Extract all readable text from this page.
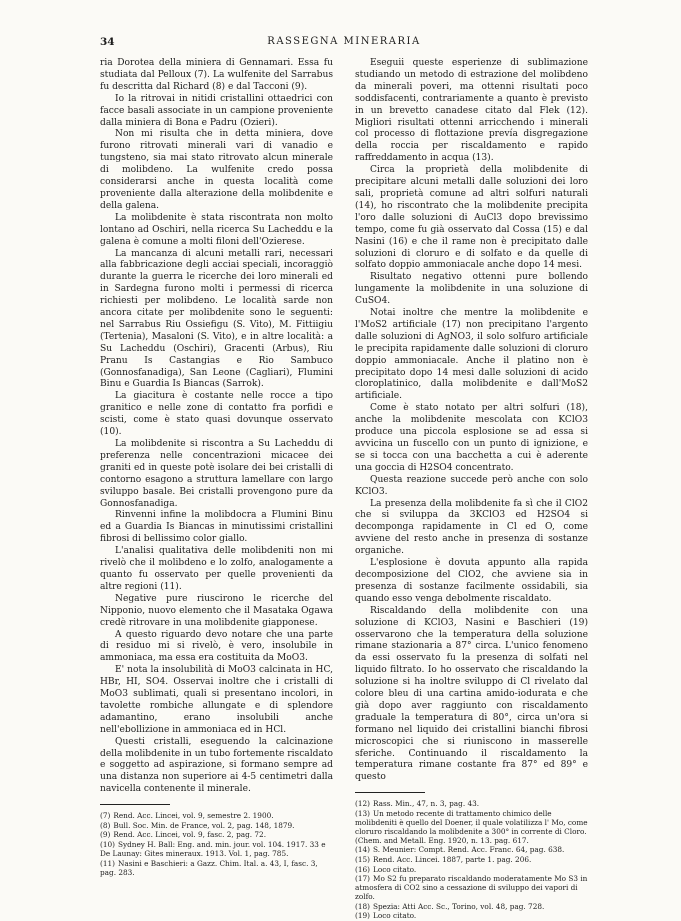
34	RASSEGNA MINERARIA

ria Dorotea della miniera di Gennamari. Essa fu studiata dal Pelloux (7). La wulfenite del Sarrabus fu descritta dal Richard (8) e dal Tacconi (9).

Io la ritrovai in nitidi cristallini ottaedrici con facce basali associate in un campione proveniente dalla miniera di Bona e Padru (Ozieri).

Non mi risulta che in detta miniera, dove furono ritrovati minerali vari di vanadio e tungsteno, sia mai stato ritrovato alcun minerale di molibdeno. La wulfenite credo possa considerarsi anche in questa località come proveniente dalla alterazione della molibdenite e della galena.

La molibdenite è stata riscontrata non molto lontano ad Oschiri, nella ricerca Su Lacheddu e la galena è comune a molti filoni dell'Ozierese.

La mancanza di alcuni metalli rari, necessari alla fabbricazione degli acciai speciali, incoraggiò durante la guerra le ricerche dei loro minerali ed in Sardegna furono molti i permessi di ricerca richiesti per molibdeno. Le località sarde non ancora citate per molibdenite sono le seguenti: nel Sarrabus Riu Ossiefigu (S. Vito), M. Fittiigiu (Tertenia), Masaloni (S. Vito), e in altre località: a Su Lacheddu (Oschiri), Gracenti (Arbus), Riu Pranu Is Castangias e Rio Sambuco (Gonnosfanadiga), San Leone (Cagliari), Flumini Binu e Guardia Is Biancas (Sarrok).

La giacitura è costante nelle rocce a tipo granitico e nelle zone di contatto fra porfidi e scisti, come è stato quasi dovunque osservato (10).

La molibdenite si riscontra a Su Lacheddu di preferenza nelle concentrazioni micacee dei graniti ed in queste potè isolare dei bei cristalli di contorno esagono a struttura lamellare con largo sviluppo basale. Bei cristalli provengono pure da Gonnosfanadiga.

Rinvenni infine la molibdocra a Flumini Binu ed a Guardia Is Biancas in minutissimi cristallini fibrosi di bellissimo color giallo.

L'analisi qualitativa delle molibdeniti non mi rivelò che il molibdeno e lo zolfo, analogamente a quanto fu osservato per quelle provenienti da altre regioni (11).

Negative pure riuscirono le ricerche del Nipponio, nuovo elemento che il Masataka Ogawa credè ritrovare in una molibdenite giapponese.

A questo riguardo devo notare che una parte di residuo mi si rivelò, è vero, insolubile in ammoniaca, ma essa era costituita da MoO3.

E' nota la insolubilità di MoO3 calcinata in HC, HBr, HI, SO4. Osservai inoltre che i cristalli di MoO3 sublimati, quali si presentano incolori, in tavolette rombiche allungate e di splendore adamantino, erano insolubili anche nell'ebollizione in ammoniaca ed in HCl.

Questi cristalli, eseguendo la calcinazione della molibdenite in un tubo fortemente riscaldato e soggetto ad aspirazione, si formano sempre ad una distanza non superiore ai 4-5 centimetri dalla navicella contenente il minerale.

(7) Rend. Acc. Lincei, vol. 9, semestre 2. 1900.
(8) Bull. Soc. Min. de France, vol. 2, pag. 148, 1879.
(9) Rend. Acc. Lincei, vol. 9, fasc. 2, pag. 72.
(10) Sydney H. Ball: Eng. and. min. jour. vol. 104. 1917. 33 e De Launay: Gites mineraux. 1913. Vol. 1, pag. 785.
(11) Nasini e Baschieri: a Gazz. Chim. Ital. a. 43, I, fasc. 3, pag. 283.

Eseguii queste esperienze di sublimazione studiando un metodo di estrazione del molibdeno da minerali poveri, ma ottenni risultati poco soddisfacenti, contrariamente a quanto è previsto in un brevetto canadese citato dal Flek (12). Migliori risultati ottenni arricchendo i minerali col processo di flottazione prevía disgregazione della roccia per riscaldamento e rapido raffreddamento in acqua (13).

Circa la proprietà della molibdenite di precipitare alcuni metalli dalle soluzioni dei loro sali, proprietà comune ad altri solfuri naturali (14), ho riscontrato che la molibdenite precipita l'oro dalle soluzioni di AuCl3 dopo brevissimo tempo, come fu già osservato dal Cossa (15) e dal Nasini (16) e che il rame non è precipitato dalle soluzioni di cloruro e di solfato e da quelle di solfato doppio ammoniacale anche dopo 14 mesi.

Risultato negativo ottenni pure bollendo lungamente la molibdenite in una soluzione di CuSO4.

Notai inoltre che mentre la molibdenite e l'MoS2 artificiale (17) non precipitano l'argento dalle soluzioni di AgNO3, il solo solfuro artificiale le precipita rapidamente dalle soluzioni di cloruro doppio ammoniacale. Anche il platino non è precipitato dopo 14 mesi dalle soluzioni di acido cloroplatinico, dalla molibdenite e dall'MoS2 artificiale.

Come è stato notato per altri solfuri (18), anche la molibdenite mescolata con KClO3 produce una piccola esplosione se ad essa si avvicina un fuscello con un punto di ignizione, e se si tocca con una bacchetta a cui è aderente una goccia di H2SO4 concentrato.

Questa reazione succede però anche con solo KClO3.

La presenza della molibdenite fa sì che il ClO2 che si sviluppa da 3KClO3 ed H2SO4 si decomponga rapidamente in Cl ed O, come avviene del resto anche in presenza di sostanze organiche.

L'esplosione è dovuta appunto alla rapida decomposizione del ClO2, che avviene sia in presenza di sostanze facilmente ossidabili, sia quando esso venga debolmente riscaldato.

Riscaldando della molibdenite con una soluzione di KClO3, Nasini e Baschieri (19) osservarono che la temperatura della soluzione rimane stazionaria a 87° circa. L'unico fenomeno da essi osservato fu la presenza di solfati nel liquido filtrato. Io ho osservato che riscaldando la soluzione si ha inoltre sviluppo di Cl rivelato dal colore bleu di una cartina amido-iodurata e che già dopo aver raggiunto con riscaldamento graduale la temperatura di 80°, circa un'ora si formano nel liquido dei cristallini bianchi fibrosi microscopici che si riuniscono in masserelle sferiche. Continuando il riscaldamento la temperatura rimane costante fra 87° ed 89° e questo

(12) Rass. Min., 47, n. 3, pag. 43.
(13) Un metodo recente di trattamento chimico delle molibdeniti è quello del Doener, il quale volatilizza l' Mo, come cloruro riscaldando la molibdenite a 300° in corrente di Cloro. (Chem. and Metall. Eng. 1920, n. 13. pag. 617.
(14) S. Meunier: Compt. Rend. Acc. Franc. 64, pag. 638.
(15) Rend. Acc. Lincei. 1887, parte 1. pag. 206.
(16) Loco citato.
(17) Mo S2 fu preparato riscaldando moderatamente Mo S3 in atmosfera di CO2 sino a cessazione di sviluppo dei vapori di zolfo.
(18) Spezia: Atti Acc. Sc., Torino, vol. 48, pag. 728.
(19) Loco citato.
